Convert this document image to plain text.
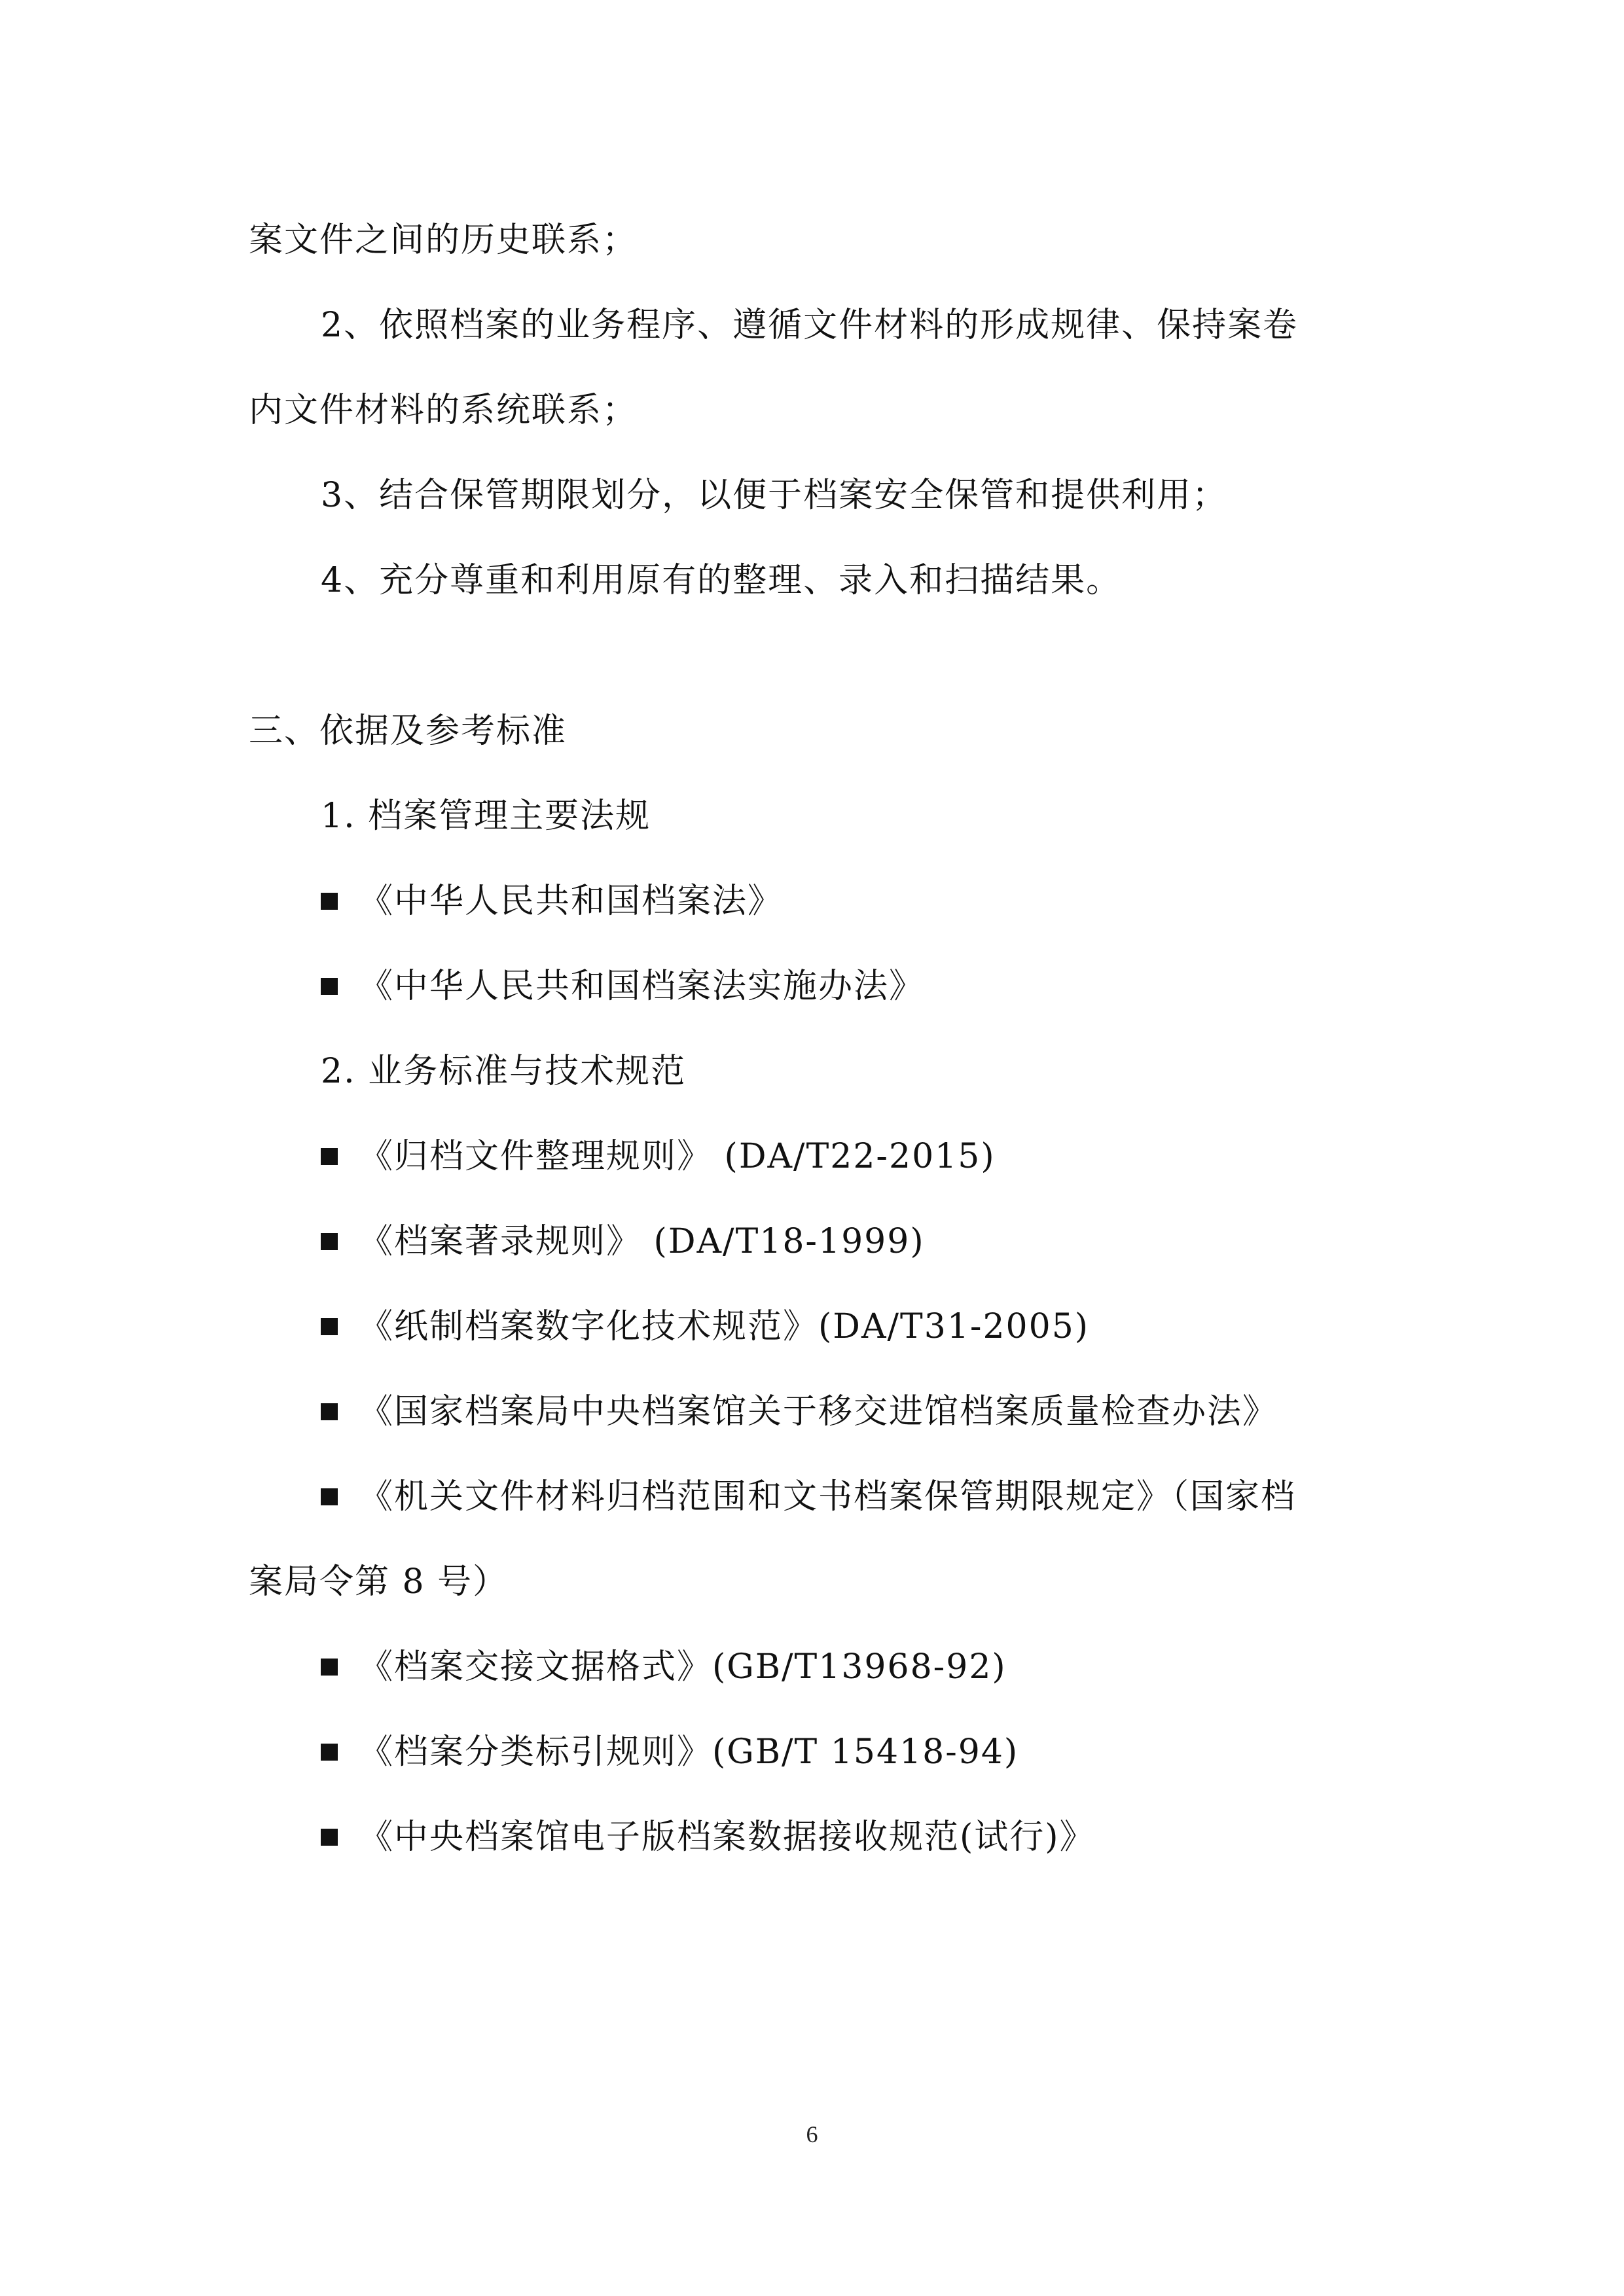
案文件之间的历史联系；
2、依照档案的业务程序、遵循文件材料的形成规律、保持案卷
内文件材料的系统联系；
3、结合保管期限划分，以便于档案安全保管和提供利用；
4、充分尊重和利用原有的整理、录入和扫描结果。
三、依据及参考标准
1. 档案管理主要法规
《中华人民共和国档案法》
《中华人民共和国档案法实施办法》
2. 业务标准与技术规范
《归档文件整理规则》 (DA/T22-2015)
《档案著录规则》 (DA/T18-1999)
《纸制档案数字化技术规范》(DA/T31-2005)
《国家档案局中央档案馆关于移交进馆档案质量检查办法》
《机关文件材料归档范围和文书档案保管期限规定》（国家档
案局令第 8 号）
《档案交接文据格式》(GB/T13968-92)
《档案分类标引规则》(GB/T 15418-94)
《中央档案馆电子版档案数据接收规范(试行)》
6
